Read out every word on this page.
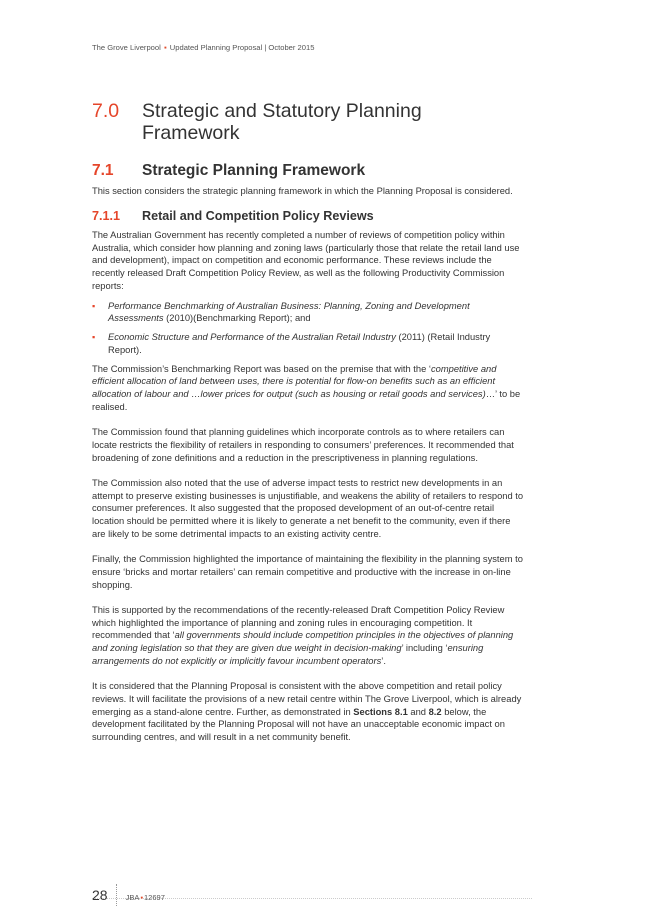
The Grove Liverpool ▪ Updated Planning Proposal | October 2015
7.0	Strategic and Statutory Planning Framework
7.1	Strategic Planning Framework

This section considers the strategic planning framework in which the Planning Proposal is considered.

7.1.1	Retail and Competition Policy Reviews

The Australian Government has recently completed a number of reviews of competition policy within Australia, which consider how planning and zoning laws (particularly those that relate the retail land use and development), impact on competition and economic performance. These reviews include the recently released Draft Competition Policy Review, as well as the following Productivity Commission reports:

▪ Performance Benchmarking of Australian Business: Planning, Zoning and Development Assessments (2010)(Benchmarking Report); and
▪ Economic Structure and Performance of the Australian Retail Industry (2011) (Retail Industry Report).

The Commission’s Benchmarking Report was based on the premise that with the ‘competitive and efficient allocation of land between uses, there is potential for flow-on benefits such as an efficient allocation of labour and …lower prices for output (such as housing or retail goods and services)…’ to be realised.

The Commission found that planning guidelines which incorporate controls as to where retailers can locate restricts the flexibility of retailers in responding to consumers’ preferences. It recommended that broadening of zone definitions and a reduction in the prescriptiveness in planning regulations.

The Commission also noted that the use of adverse impact tests to restrict new developments in an attempt to preserve existing businesses is unjustifiable, and weakens the ability of retailers to respond to consumer preferences. It also suggested that the proposed development of an out-of-centre retail location should be permitted where it is likely to generate a net benefit to the community, even if there are likely to be some detrimental impacts to an existing activity centre.

Finally, the Commission highlighted the importance of maintaining the flexibility in the planning system to ensure ‘bricks and mortar retailers’ can remain competitive and productive with the increase in on-line shopping.

This is supported by the recommendations of the recently-released Draft Competition Policy Review which highlighted the importance of planning and zoning rules in encouraging competition. It recommended that ‘all governments should include competition principles in the objectives of planning and zoning legislation so that they are given due weight in decision-making’ including ‘ensuring arrangements do not explicitly or implicitly favour incumbent operators’.

It is considered that the Planning Proposal is consistent with the above competition and retail policy reviews. It will facilitate the provisions of a new retail centre within The Grove Liverpool, which is already emerging as a stand-alone centre. Further, as demonstrated in Sections 8.1 and 8.2 below, the development facilitated by the Planning Proposal will not have an unacceptable economic impact on surrounding centres, and will result in a net community benefit.

28 JBA▪12697
